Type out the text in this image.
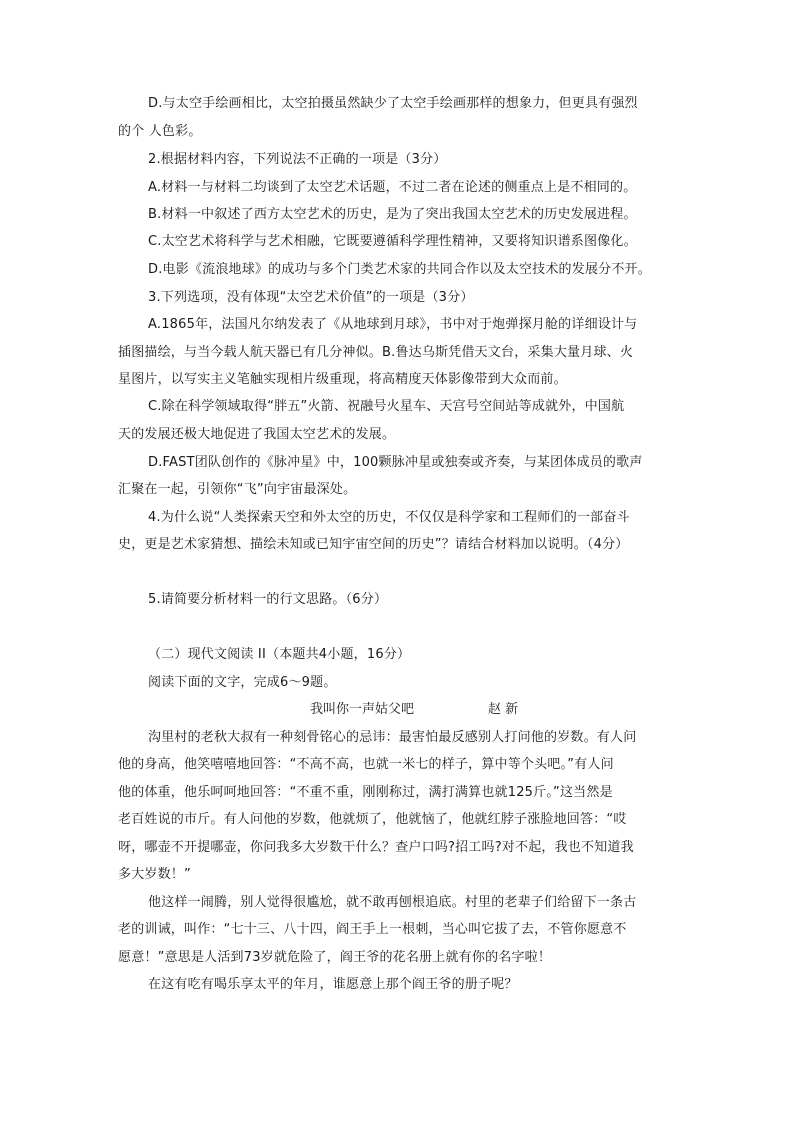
D.与太空手绘画相比，太空拍摄虽然缺少了太空手绘画那样的想象力，但更具有强烈
的个 人色彩。
2.根据材料内容，下列说法不正确的一项是（3分）
A.材料一与材料二均谈到了太空艺术话题，不过二者在论述的侧重点上是不相同的。
B.材料一中叙述了西方太空艺术的历史，是为了突出我国太空艺术的历史发展进程。
C.太空艺术将科学与艺术相融，它既要遵循科学理性精神，又要将知识谱系图像化。
D.电影《流浪地球》的成功与多个门类艺术家的共同合作以及太空技术的发展分不开。
3.下列选项，没有体现“太空艺术价值”的一项是（3分）
A.1865年，法国凡尔纳发表了《从地球到月球》，书中对于炮弹探月舱的详细设计与
插图描绘，与当今载人航天器已有几分神似。B.鲁达乌斯凭借天文台，采集大量月球、火
星图片，以写实主义笔触实现相片级重现，将高精度天体影像带到大众而前。
C.除在科学领域取得“胖五”火箭、祝融号火星车、天宫号空间站等成就外，中国航
天的发展还极大地促进了我国太空艺术的发展。
D.FAST团队创作的《脉冲星》中，100颗脉冲星或独奏或齐奏，与某团体成员的歌声
汇聚在一起，引领你“飞”向宇宙最深处。
4.为什么说“人类探索天空和外太空的历史，不仅仅是科学家和工程师们的一部奋斗
史，更是艺术家猜想、描绘未知或已知宇宙空间的历史”？请结合材料加以说明。（4分）
5.请简要分析材料一的行文思路。（6分）
（二）现代文阅读 II（本题共4小题，16分）
阅读下面的文字，完成6～9题。
我叫你一声姑父吧	赵 新
沟里村的老秋大叔有一种刻骨铭心的忌讳：最害怕最反感别人打问他的岁数。有人问
他的身高，他笑嘻嘻地回答：“不高不高，也就一米七的样子，算中等个头吧。”有人问
他的体重，他乐呵呵地回答：“不重不重，刚刚称过，满打满算也就125斤。”这当然是
老百姓说的市斤。有人问他的岁数，他就烦了，他就恼了，他就红脖子涨脸地回答：“哎
呀，哪壶不开提哪壶，你问我多大岁数干什么？查户口吗?招工吗?对不起，我也不知道我
多大岁数！”
他这样一闹腾，别人觉得很尴尬，就不敢再刨根追底。村里的老辈子们给留下一条古
老的训诫，叫作：“七十三、八十四，阎王手上一根刺，当心叫它拔了去，不管你愿意不
愿意！”意思是人活到73岁就危险了，阎王爷的花名册上就有你的名字啦！
在这有吃有喝乐享太平的年月，谁愿意上那个阎王爷的册子呢？
